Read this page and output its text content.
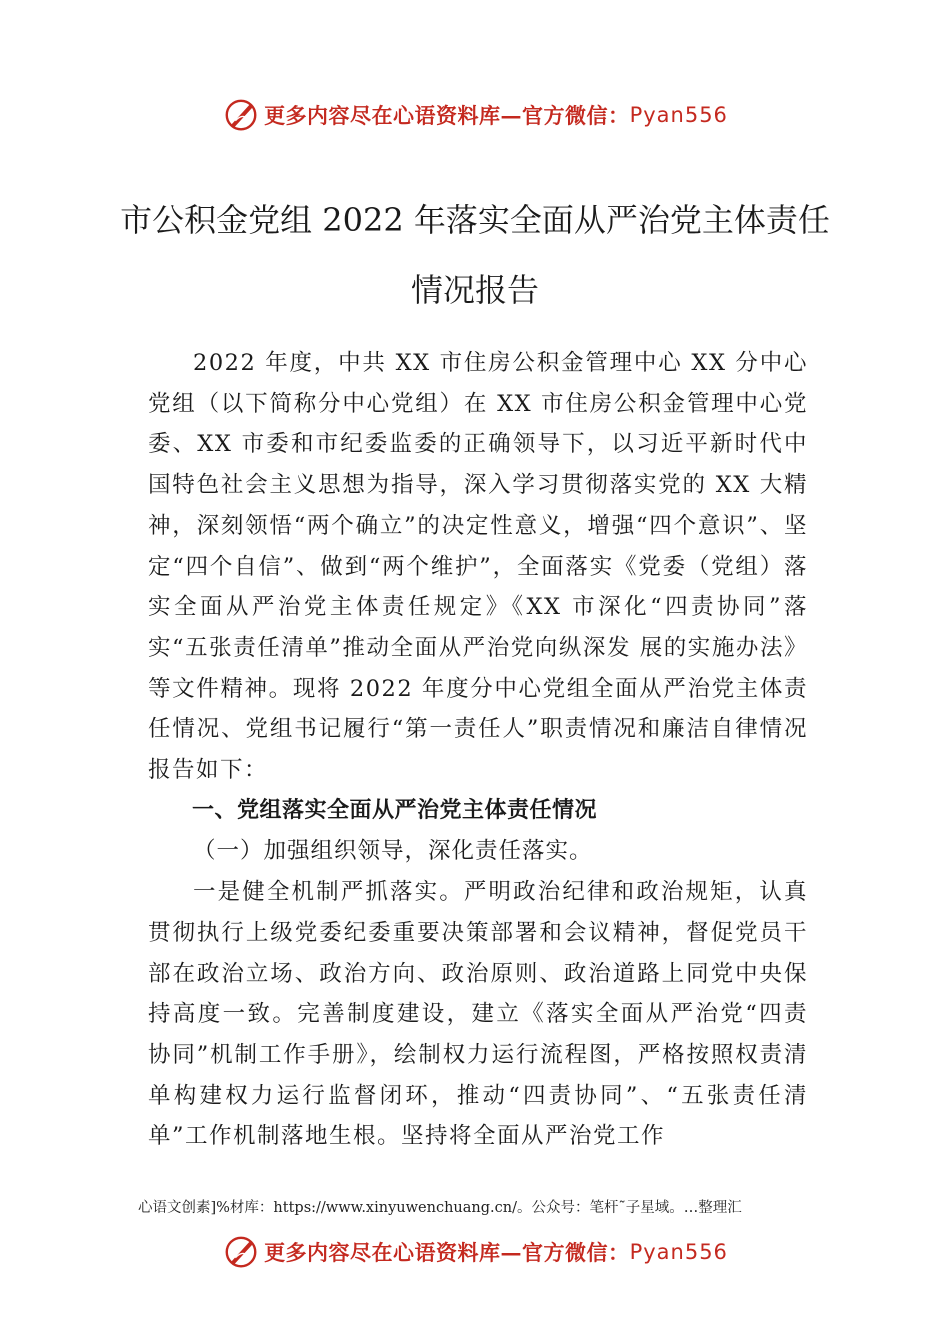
更多内容尽在心语资料库—官方微信： Pyan556
市公积金党组 2022 年落实全面从严治党主体责任情况报告

2022 年度，中共 XX 市住房公积金管理中心 XX 分中心党组（以下简称分中心党组）在 XX 市住房公积金管理中心党委、XX 市委和市纪委监委的正确领导下，以习近平新时代中国特色社会主义思想为指导，深入学习贯彻落实党的 XX 大精神，深刻领悟“两个确立”的决定性意义，增强“四个意识”、坚定“四个自信”、做到“两个维护”，全面落实《党委（党组）落实全面从严治党主体责任规定》《XX 市深化“四责协同”落实“五张责任清单”推动全面从严治党向纵深发 展的实施办法》等文件精神。现将 2022 年度分中心党组全面从严治党主体责任情况、党组书记履行“第一责任人”职责情况和廉洁自律情况报告如下：

一、党组落实全面从严治党主体责任情况

（一）加强组织领导，深化责任落实。

一是健全机制严抓落实。严明政治纪律和政治规矩，认真贯彻执行上级党委纪委重要决策部署和会议精神，督促党员干部在政治立场、政治方向、政治原则、政治道路上同党中央保持高度一致。完善制度建设，建立《落实全面从严治党“四责协同”机制工作手册》，绘制权力运行流程图，严格按照权责清单构建权力运行监督闭环，推动“四责协同”、“五张责任清单”工作机制落地生根。坚持将全面从严治党工作

心语文创素]%材库：https://www.xinyuwenchuang.cn/。公众号：笔杆˜子星域。…整理汇
更多内容尽在心语资料库—官方微信： Pyan556
